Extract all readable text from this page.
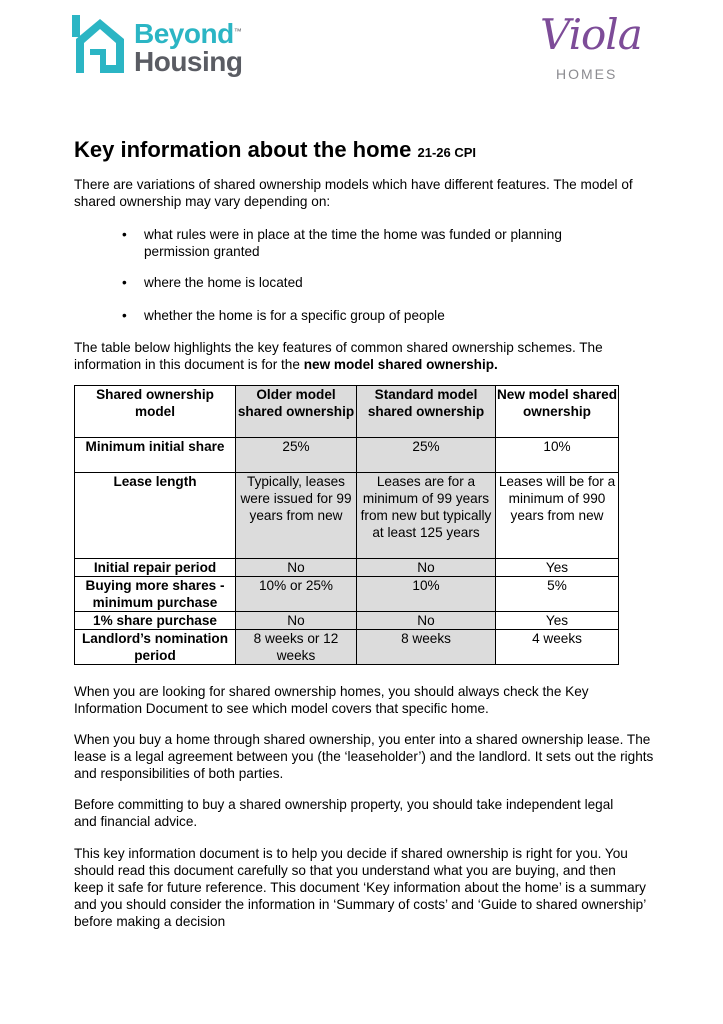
Beyond™
Housing
Viola
HOMES
Key information about the home 21-26 CPI

There are variations of shared ownership models which have different features. The model of shared ownership may vary depending on:

• what rules were in place at the time the home was funded or planning permission granted
• where the home is located
• whether the home is for a specific group of people

The table below highlights the key features of common shared ownership schemes. The information in this document is for the new model shared ownership.

Shared ownership model	Older model shared ownership	Standard model shared ownership	New model shared ownership
Minimum initial share	25%	25%	10%
Lease length	Typically, leases were issued for 99 years from new	Leases are for a minimum of 99 years from new but typically at least 125 years	Leases will be for a minimum of 990 years from new
Initial repair period	No	No	Yes
Buying more shares - minimum purchase	10% or 25%	10%	5%
1% share purchase	No	No	Yes
Landlord’s nomination period	8 weeks or 12 weeks	8 weeks	4 weeks

When you are looking for shared ownership homes, you should always check the Key Information Document to see which model covers that specific home.

When you buy a home through shared ownership, you enter into a shared ownership lease. The lease is a legal agreement between you (the ‘leaseholder’) and the landlord. It sets out the rights and responsibilities of both parties.

Before committing to buy a shared ownership property, you should take independent legal and financial advice.

This key information document is to help you decide if shared ownership is right for you. You should read this document carefully so that you understand what you are buying, and then keep it safe for future reference. This document ‘Key information about the home’ is a summary and you should consider the information in ‘Summary of costs’ and ‘Guide to shared ownership’ before making a decision
